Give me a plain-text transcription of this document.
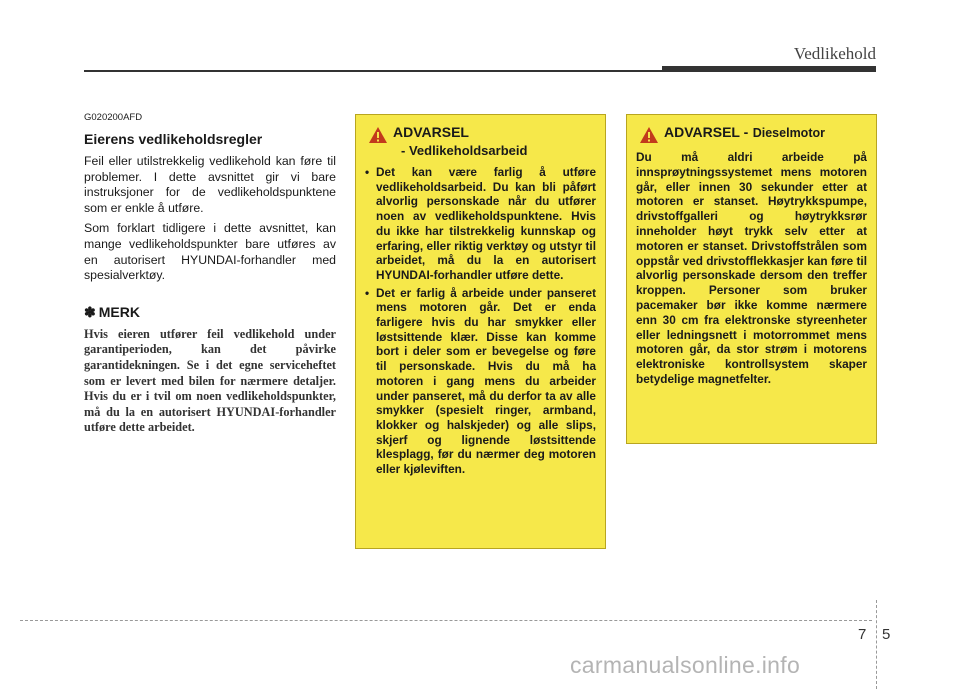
Vedlikehold

G020200AFD

Eierens vedlikeholdsregler

Feil eller utilstrekkelig vedlikehold kan føre til problemer. I dette avsnittet gir vi bare instruksjoner for de vedlikeholdspunktene som er enkle å utføre.

Som forklart tidligere i dette avsnittet, kan mange vedlikeholdspunkter bare utføres av en autorisert HYUNDAI-forhandler med spesialverktøy.

✽ MERK

Hvis eieren utfører feil vedlikehold under garantiperioden, kan det påvirke garantidekningen. Se i det egne serviceheftet som er levert med bilen for nærmere detaljer. Hvis du er i tvil om noen vedlikeholdspunkter, må du la en autorisert HYUNDAI-forhandler utføre dette arbeidet.

ADVARSEL
- Vedlikeholdsarbeid
• Det kan være farlig å utføre vedlikeholdsarbeid. Du kan bli påført alvorlig personskade når du utfører noen av vedlikeholdspunktene. Hvis du ikke har tilstrekkelig kunnskap og erfaring, eller riktig verktøy og utstyr til arbeidet, må du la en autorisert HYUNDAI-forhandler utføre dette.
• Det er farlig å arbeide under panseret mens motoren går. Det er enda farligere hvis du har smykker eller løstsittende klær. Disse kan komme bort i deler som er bevegelse og føre til personskade. Hvis du må ha motoren i gang mens du arbeider under panseret, må du derfor ta av alle smykker (spesielt ringer, armband, klokker og halskjeder) og alle slips, skjerf og lignende løstsittende klesplagg, før du nærmer deg motoren eller kjøleviften.
ADVARSEL - Dieselmotor

Du må aldri arbeide på innsprøytningssystemet mens motoren går, eller innen 30 sekunder etter at motoren er stanset. Høytrykkspumpe, drivstoffgalleri og høytrykksrør inneholder høyt trykk selv etter at motoren er stanset. Drivstoffstrålen som oppstår ved drivstofflekkasjer kan føre til alvorlig personskade dersom den treffer kroppen. Personer som bruker pacemaker bør ikke komme nærmere enn 30 cm fra elektronske styreenheter eller ledningsnett i motorrommet mens motoren går, da stor strøm i motorens elektroniske kontrollsystem skaper betydelige magnetfelter.

7 5
carmanualsonline.info
